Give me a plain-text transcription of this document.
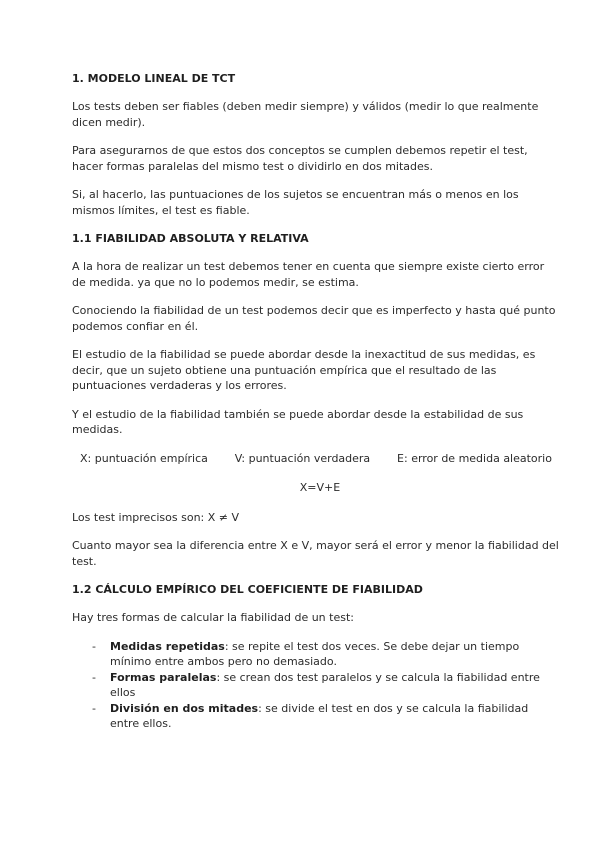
1. MODELO LINEAL DE TCT

Los tests deben ser fiables (deben medir siempre) y válidos (medir lo que realmente dicen medir).

Para asegurarnos de que estos dos conceptos se cumplen debemos repetir el test, hacer formas paralelas del mismo test o dividirlo en dos mitades.

Si, al hacerlo, las puntuaciones de los sujetos se encuentran más o menos en los mismos límites, el test es fiable.

1.1 FIABILIDAD ABSOLUTA Y RELATIVA

A la hora de realizar un test debemos tener en cuenta que siempre existe cierto error de medida. ya que no lo podemos medir, se estima.

Conociendo la fiabilidad de un test podemos decir que es imperfecto y hasta qué punto podemos confiar en él.

El estudio de la fiabilidad se puede abordar desde la inexactitud de sus medidas, es decir, que un sujeto obtiene una puntuación empírica que el resultado de las puntuaciones verdaderas y los errores.

Y el estudio de la fiabilidad también se puede abordar desde la estabilidad de sus medidas.

X: puntuación empírica V: puntuación verdadera E: error de medida aleatorio

X=V+E

Los test imprecisos son: X ≠ V

Cuanto mayor sea la diferencia entre X e V, mayor será el error y menor la fiabilidad del test.

1.2 CÁLCULO EMPÍRICO DEL COEFICIENTE DE FIABILIDAD

Hay tres formas de calcular la fiabilidad de un test:

- Medidas repetidas: se repite el test dos veces. Se debe dejar un tiempo mínimo entre ambos pero no demasiado.
- Formas paralelas: se crean dos test paralelos y se calcula la fiabilidad entre ellos
- División en dos mitades: se divide el test en dos y se calcula la fiabilidad entre ellos.
